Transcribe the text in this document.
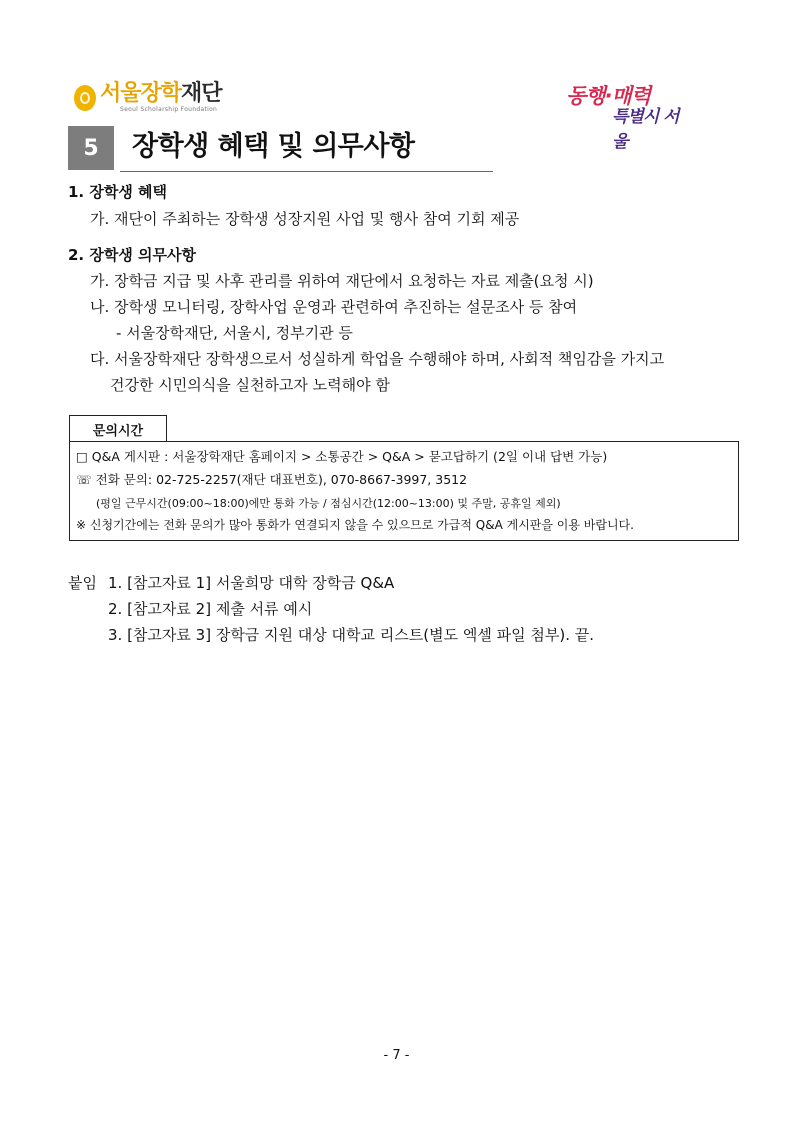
서울장학재단
Seoul Scholarship Foundation
동행·매력
특별시 서울
5	장학생 혜택 및 의무사항
1. 장학생 혜택
가. 재단이 주최하는 장학생 성장지원 사업 및 행사 참여 기회 제공
2. 장학생 의무사항
가. 장학금 지급 및 사후 관리를 위하여 재단에서 요청하는 자료 제출(요청 시)
나. 장학생 모니터링, 장학사업 운영과 관련하여 추진하는 설문조사 등 참여
- 서울장학재단, 서울시, 정부기관 등
다. 서울장학재단 장학생으로서 성실하게 학업을 수행해야 하며, 사회적 책임감을 가지고
건강한 시민의식을 실천하고자 노력해야 함
문의시간
□ Q&A 게시판 : 서울장학재단 홈페이지 > 소통공간 > Q&A > 묻고답하기 (2일 이내 답변 가능)
☏ 전화 문의: 02-725-2257(재단 대표번호), 070-8667-3997, 3512
(평일 근무시간(09:00~18:00)에만 통화 가능 / 점심시간(12:00~13:00) 및 주말, 공휴일 제외)
※ 신청기간에는 전화 문의가 많아 통화가 연결되지 않을 수 있으므로 가급적 Q&A 게시판을 이용 바랍니다.
붙임 1. [참고자료 1] 서울희망 대학 장학금 Q&A
2. [참고자료 2] 제출 서류 예시
3. [참고자료 3] 장학금 지원 대상 대학교 리스트(별도 엑셀 파일 첨부). 끝.
- 7 -
